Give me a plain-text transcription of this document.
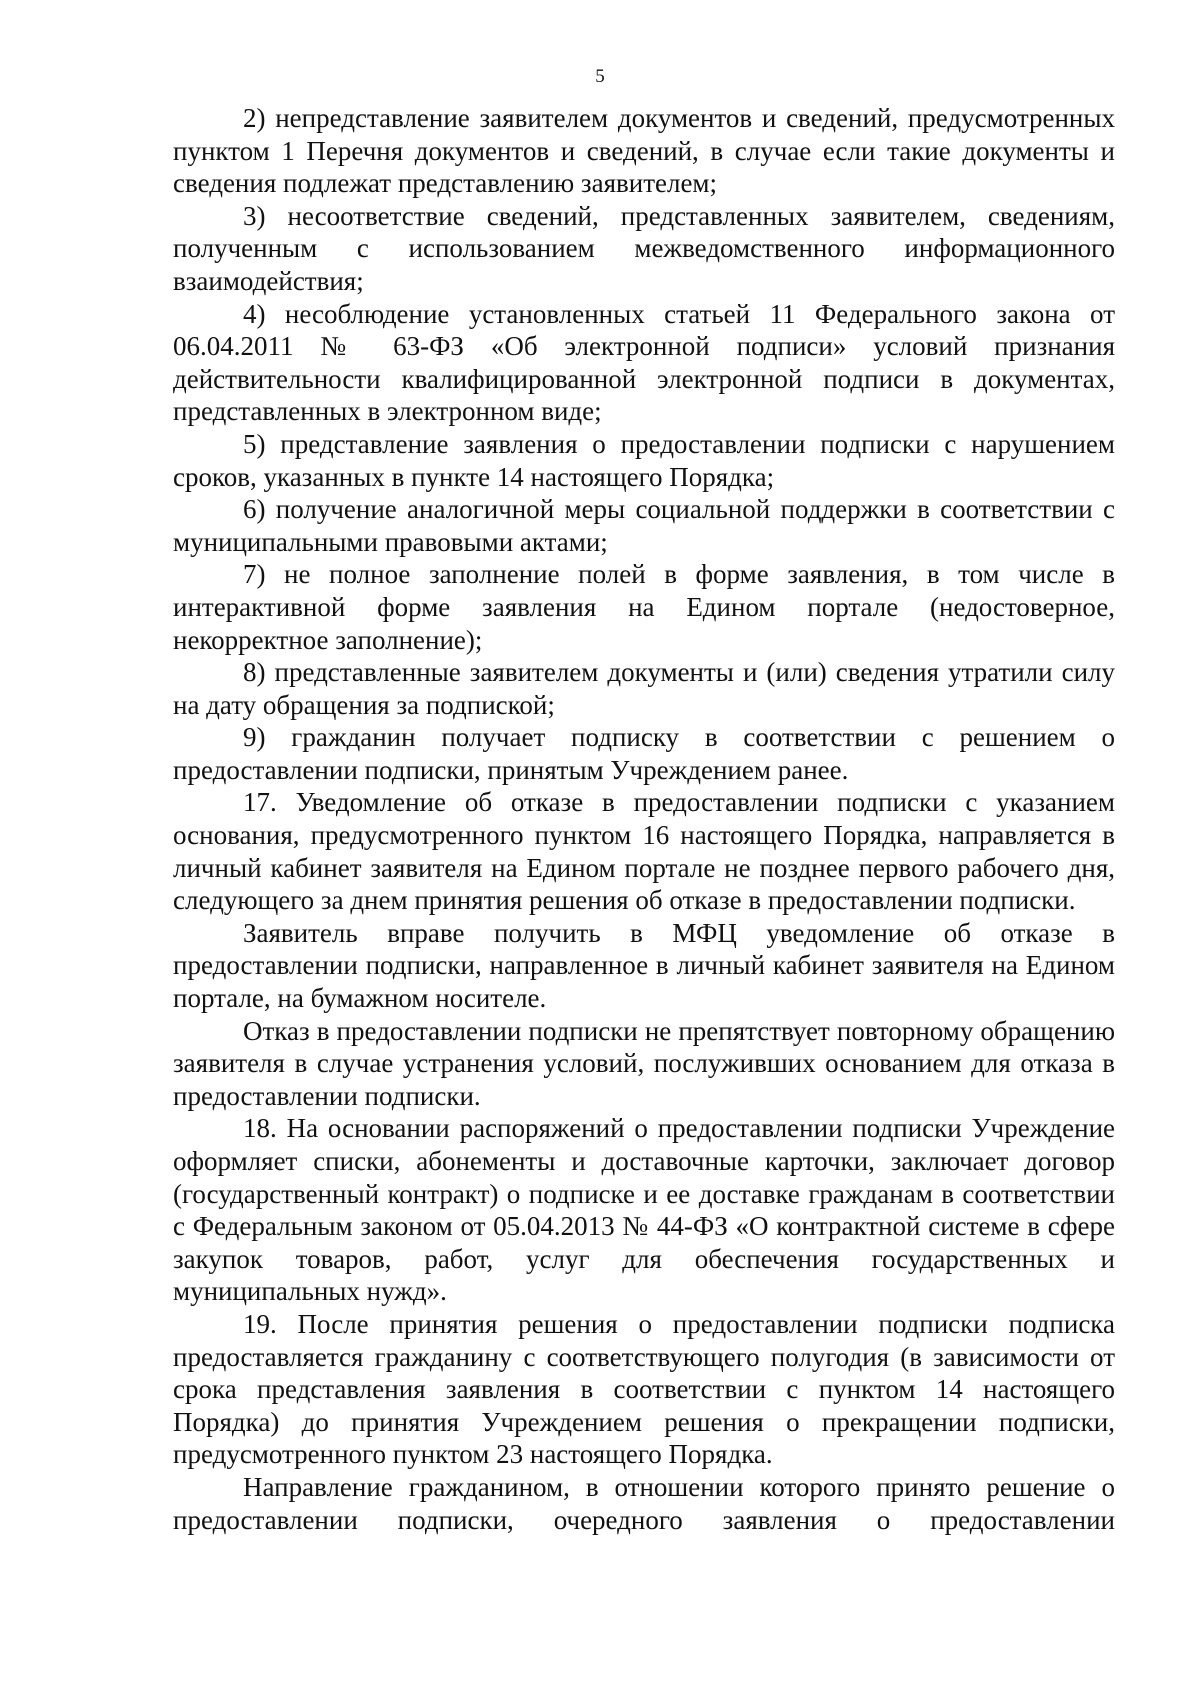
5

2) непредставление заявителем документов и сведений, предусмотренных пунктом 1 Перечня документов и сведений, в случае если такие документы и сведения подлежат представлению заявителем;

3) несоответствие сведений, представленных заявителем, сведениям, полученным с использованием межведомственного информационного взаимодействия;

4) несоблюдение установленных статьей 11 Федерального закона от 06.04.2011 № 63-ФЗ «Об электронной подписи» условий признания действительности квалифицированной электронной подписи в документах, представленных в электронном виде;

5) представление заявления о предоставлении подписки с нарушением сроков, указанных в пункте 14 настоящего Порядка;

6) получение аналогичной меры социальной поддержки в соответствии с муниципальными правовыми актами;

7) не полное заполнение полей в форме заявления, в том числе в интерактивной форме заявления на Едином портале (недостоверное, некорректное заполнение);

8) представленные заявителем документы и (или) сведения утратили силу на дату обращения за подпиской;

9) гражданин получает подписку в соответствии с решением о предоставлении подписки, принятым Учреждением ранее.

17. Уведомление об отказе в предоставлении подписки с указанием основания, предусмотренного пунктом 16 настоящего Порядка, направляется в личный кабинет заявителя на Едином портале не позднее первого рабочего дня, следующего за днем принятия решения об отказе в предоставлении подписки.

Заявитель вправе получить в МФЦ уведомление об отказе в предоставлении подписки, направленное в личный кабинет заявителя на Едином портале, на бумажном носителе.

Отказ в предоставлении подписки не препятствует повторному обращению заявителя в случае устранения условий, послуживших основанием для отказа в предоставлении подписки.

18. На основании распоряжений о предоставлении подписки Учреждение оформляет списки, абонементы и доставочные карточки, заключает договор (государственный контракт) о подписке и ее доставке гражданам в соответствии с Федеральным законом от 05.04.2013 № 44-ФЗ «О контрактной системе в сфере закупок товаров, работ, услуг для обеспечения государственных и муниципальных нужд».

19. После принятия решения о предоставлении подписки подписка предоставляется гражданину с соответствующего полугодия (в зависимости от срока представления заявления в соответствии с пунктом 14 настоящего Порядка) до принятия Учреждением решения о прекращении подписки, предусмотренного пунктом 23 настоящего Порядка.

Направление гражданином, в отношении которого принято решение о предоставлении подписки, очередного заявления о предоставлении
